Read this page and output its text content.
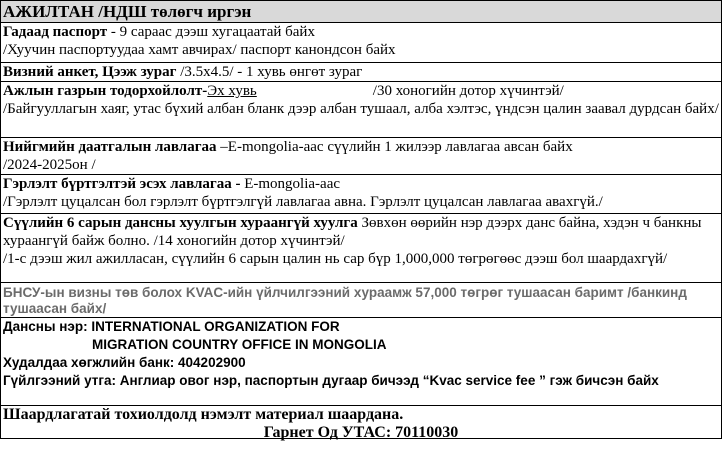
АЖИЛТАН /НДШ төлөгч иргэн
Гадаад паспорт - 9 сараас дээш хугацаатай байх
/Хуучин паспортуудаа хамт авчирах/ паспорт канондсон байх
Визний анкет, Цээж зураг /3.5х4.5/ - 1 хувь өнгөт зураг
Ажлын газрын тодорхойлолт-Эх хувь	/30 хоногийн дотор хүчинтэй/
/Байгууллагын хаяг, утас бүхий албан бланк дээр албан тушаал, алба хэлтэс, үндсэн цалин заавал дурдсан байх/
Нийгмийн даатгалын лавлагаа –E-mongolia-аас сүүлийн 1 жилээр лавлагаа авсан байх
/2024-2025он /
Гэрлэлт бүртгэлтэй эсэх лавлагаа - E-mongolia-аас
/Гэрлэлт цуцалсан бол гэрлэлт бүртгэлгүй лавлагаа авна. Гэрлэлт цуцалсан лавлагаа авахгүй./
Сүүлийн 6 сарын дансны хуулгын хураангүй хуулга Зөвхөн өөрийн нэр дээрх данс байна, хэдэн ч банкны хураангүй байж болно. /14 хоногийн дотор хүчинтэй/
/1-с дээш жил ажилласан, сүүлийн 6 сарын цалин нь сар бүр 1,000,000 төгрөгөөс дээш бол шаардахгүй/
БНСУ-ын визны төв болох KVAC-ийн үйлчилгээний хураамж 57,000 төгрөг тушаасан баримт /банкинд тушаасан байх/
Дансны нэр: INTERNATIONAL ORGANIZATION FOR

MIGRATION COUNTRY OFFICE IN MONGOLIA
Худалдаа хөгжлийн банк: 404202900
Гүйлгээний утга: Англиар овог нэр, паспортын дугаар бичээд “Kvac service fee ” гэж бичсэн байх
Шаардлагатай тохиолдолд нэмэлт материал шаардана.

Гарнет Од УТАС: 70110030
